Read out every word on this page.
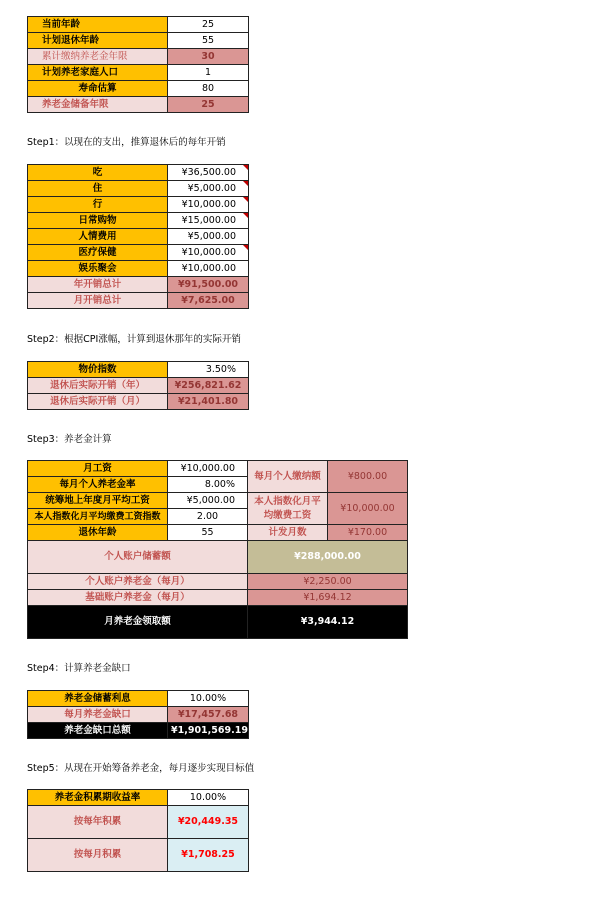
当前年龄	25
计划退休年龄	55
累计缴纳养老金年限	30
计划养老家庭人口	1
寿命估算	80
养老金储备年限	25
Step1：以现在的支出，推算退休后的每年开销
吃	¥36,500.00
住	¥5,000.00
行	¥10,000.00
日常购物	¥15,000.00
人情费用	¥5,000.00
医疗保健	¥10,000.00
娱乐聚会	¥10,000.00
年开销总计	¥91,500.00
月开销总计	¥7,625.00
Step2：根据CPI涨幅，计算到退休那年的实际开销
物价指数	3.50%
退休后实际开销（年）	¥256,821.62
退休后实际开销（月）	¥21,401.80
Step3：养老金计算
月工资	¥10,000.00	每月个人缴纳额	¥800.00
每月个人养老金率	8.00%		
统筹地上年度月平均工资	¥5,000.00	本人指数化月平均缴费工资	¥10,000.00
本人指数化月平均缴费工资指数	2.00		
退休年龄	55	计发月数	¥170.00
个人账户储蓄额		¥288,000.00	
个人账户养老金（每月）		¥2,250.00	
基础账户养老金（每月）		¥1,694.12	
月养老金领取额		¥3,944.12	
Step4：计算养老金缺口
养老金储蓄利息	10.00%
每月养老金缺口	¥17,457.68
养老金缺口总额	¥1,901,569.19
Step5：从现在开始筹备养老金，每月逐步实现目标值
养老金积累期收益率	10.00%
按每年积累	¥20,449.35
按每月积累	¥1,708.25
